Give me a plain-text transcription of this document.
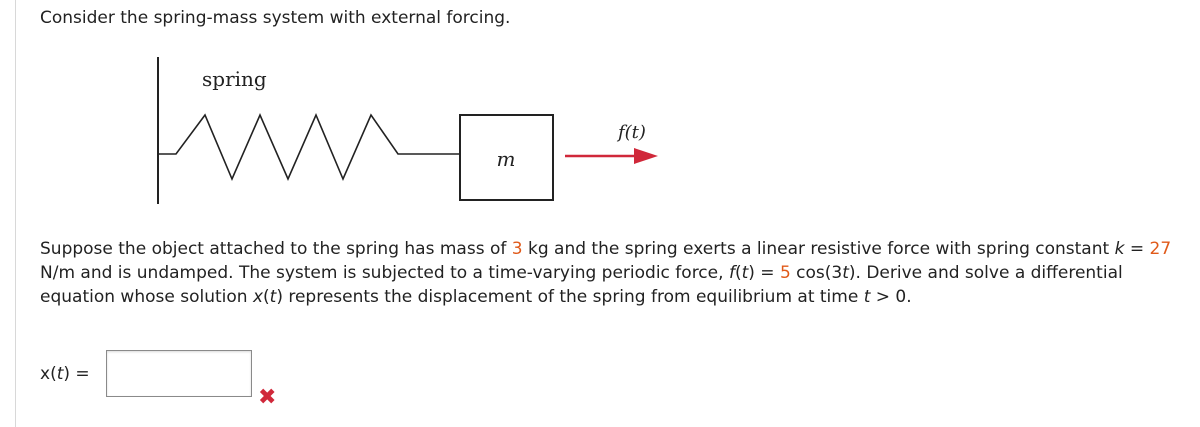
Consider the spring-mass system with external forcing.
spring
m
f(t)
Suppose the object attached to the spring has mass of 3 kg and the spring exerts a linear resistive force with spring constant k = 27 N/m and is undamped. The system is subjected to a time-varying periodic force, f(t) = 5 cos(3t). Derive and solve a differential equation whose solution x(t) represents the displacement of the spring from equilibrium at time t > 0.
x(t) =
✖
